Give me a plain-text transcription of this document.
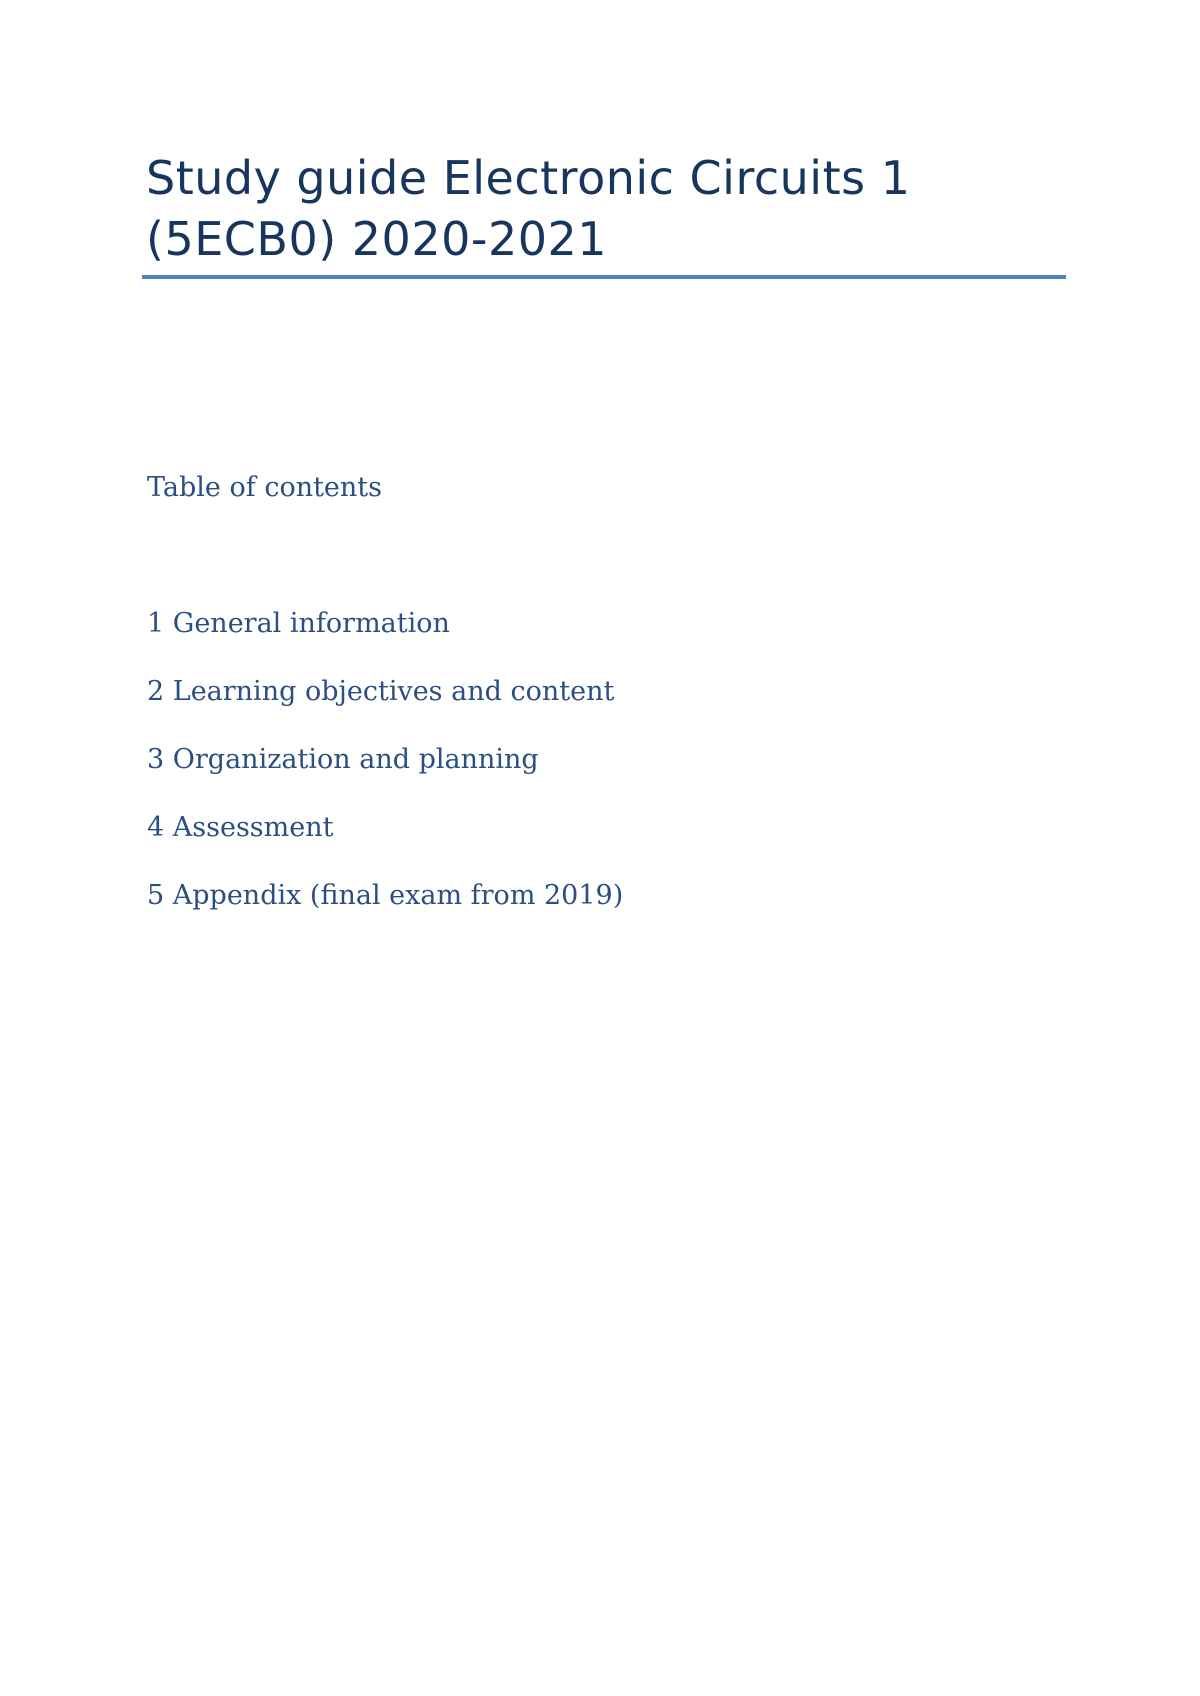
Study guide Electronic Circuits 1
(5ECB0) 2020-2021
Table of contents
1 General information
2 Learning objectives and content
3 Organization and planning
4 Assessment
5 Appendix (final exam from 2019)
